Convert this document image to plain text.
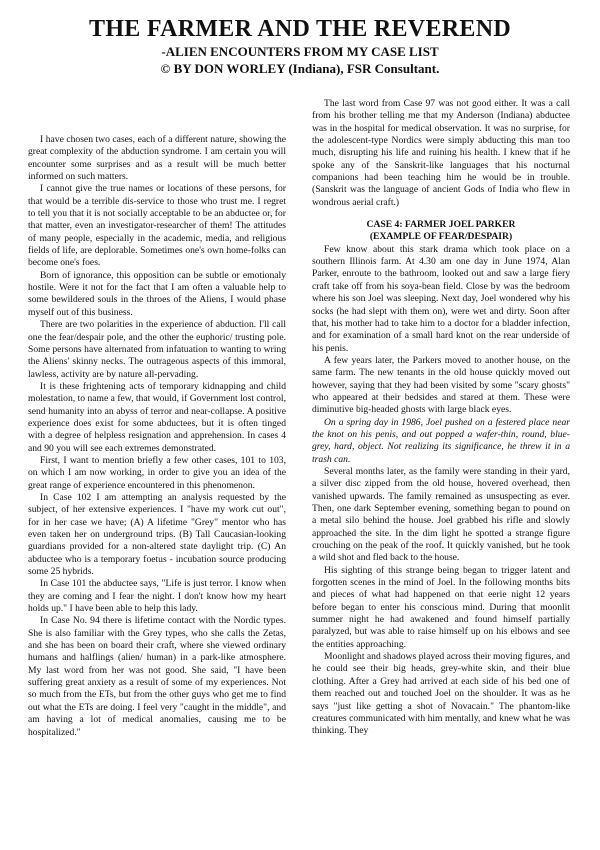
THE FARMER AND THE REVEREND
-ALIEN ENCOUNTERS FROM MY CASE LIST
© BY DON WORLEY (Indiana), FSR Consultant.

I have chosen two cases, each of a different nature, showing the great complexity of the abduction syndrome. I am certain you will encounter some surprises and as a result will be much better informed on such matters.

I cannot give the true names or locations of these persons, for that would be a terrible dis-service to those who trust me. I regret to tell you that it is not socially acceptable to be an abductee or, for that matter, even an investigator-researcher of them! The attitudes of many people, especially in the academic, media, and religious fields of life, are deplorable. Sometimes one's own home-folks can become one's foes.

Born of ignorance, this opposition can be subtle or emotionaly hostile. Were it not for the fact that I am often a valuable help to some bewildered souls in the throes of the Aliens, I would phase myself out of this business.

There are two polarities in the experience of abduction. I'll call one the fear/despair pole, and the other the euphoric/ trusting pole. Some persons have alternated from infatuation to wanting to wring the Aliens' skinny necks. The outrageous aspects of this immoral, lawless, activity are by nature all-pervading.

It is these frightening acts of temporary kidnapping and child molestation, to name a few, that would, if Government lost control, send humanity into an abyss of terror and near-collapse. A positive experience does exist for some abductees, but it is often tinged with a degree of helpless resignation and apprehension. In cases 4 and 90 you will see each extremes demonstrated.

First, I want to mention briefly a few other cases, 101 to 103, on which I am now working, in order to give you an idea of the great range of experience encountered in this phenomenon.

In Case 102 I am attempting an analysis requested by the subject, of her extensive experiences. I "have my work cut out", for in her case we have; (A) A lifetime "Grey" mentor who has even taken her on underground trips. (B) Tall Caucasian-looking guardians provided for a non-altered state daylight trip. (C) An abductee who is a temporary foetus - incubation source producing some 25 hybrids.

In Case 101 the abductee says, "Life is just terror. I know when they are coming and I fear the night. I don't know how my heart holds up." I have been able to help this lady.

In Case No. 94 there is lifetime contact with the Nordic types. She is also familiar with the Grey types, who she calls the Zetas, and she has been on board their craft, where she viewed ordinary humans and halflings (alien/ human) in a park-like atmosphere. My last word from her was not good. She said, "I have been suffering great anxiety as a result of some of my experiences. Not so much from the ETs, but from the other guys who get me to find out what the ETs are doing. I feel very "caught in the middle", and am having a lot of medical anomalies, causing me to be hospitalized."

The last word from Case 97 was not good either. It was a call from his brother telling me that my Anderson (Indiana) abductee was in the hospital for medical observation. It was no surprise, for the adolescent-type Nordics were simply abducting this man too much, disrupting his life and ruining his health. I knew that if he spoke any of the Sanskrit-like languages that his nocturnal companions had been teaching him he would be in trouble. (Sanskrit was the language of ancient Gods of India who flew in wondrous aerial craft.)

CASE 4: FARMER JOEL PARKER
(EXAMPLE OF FEAR/DESPAIR)

Few know about this stark drama which took place on a southern Illinois farm. At 4.30 am one day in June 1974, Alan Parker, enroute to the bathroom, looked out and saw a large fiery craft take off from his soya-bean field. Close by was the bedroom where his son Joel was sleeping. Next day, Joel wondered why his socks (he had slept with them on), were wet and dirty. Soon after that, his mother had to take him to a doctor for a bladder infection, and for examination of a small hard knot on the rear underside of his penis.

A few years later, the Parkers moved to another house, on the same farm. The new tenants in the old house quickly moved out however, saying that they had been visited by some "scary ghosts" who appeared at their bedsides and stared at them. These were diminutive big-headed ghosts with large black eyes.

On a spring day in 1986, Joel pushed on a festered place near the knot on his penis, and out popped a wafer-thin, round, blue-grey, hard, object. Not realizing its significance, he threw it in a trash can.

Several months later, as the family were standing in their yard, a silver disc zipped from the old house, hovered overhead, then vanished upwards. The family remained as unsuspecting as ever. Then, one dark September evening, something began to pound on a metal silo behind the house. Joel grabbed his rifle and slowly approached the site. In the dim light he spotted a strange figure crouching on the peak of the roof. It quickly vanished, but he took a wild shot and fled back to the house.

His sighting of this strange being began to trigger latent and forgotten scenes in the mind of Joel. In the following months bits and pieces of what had happened on that eerie night 12 years before began to enter his conscious mind. During that moonlit summer night he had awakened and found himself partially paralyzed, but was able to raise himself up on his elbows and see the entities approaching.

Moonlight and shadows played across their moving figures, and he could see their big heads, grey-white skin, and their blue clothing. After a Grey had arrived at each side of his bed one of them reached out and touched Joel on the shoulder. It was as he says "just like getting a shot of Novacain." The phantom-like creatures communicated with him mentally, and knew what he was thinking. They
